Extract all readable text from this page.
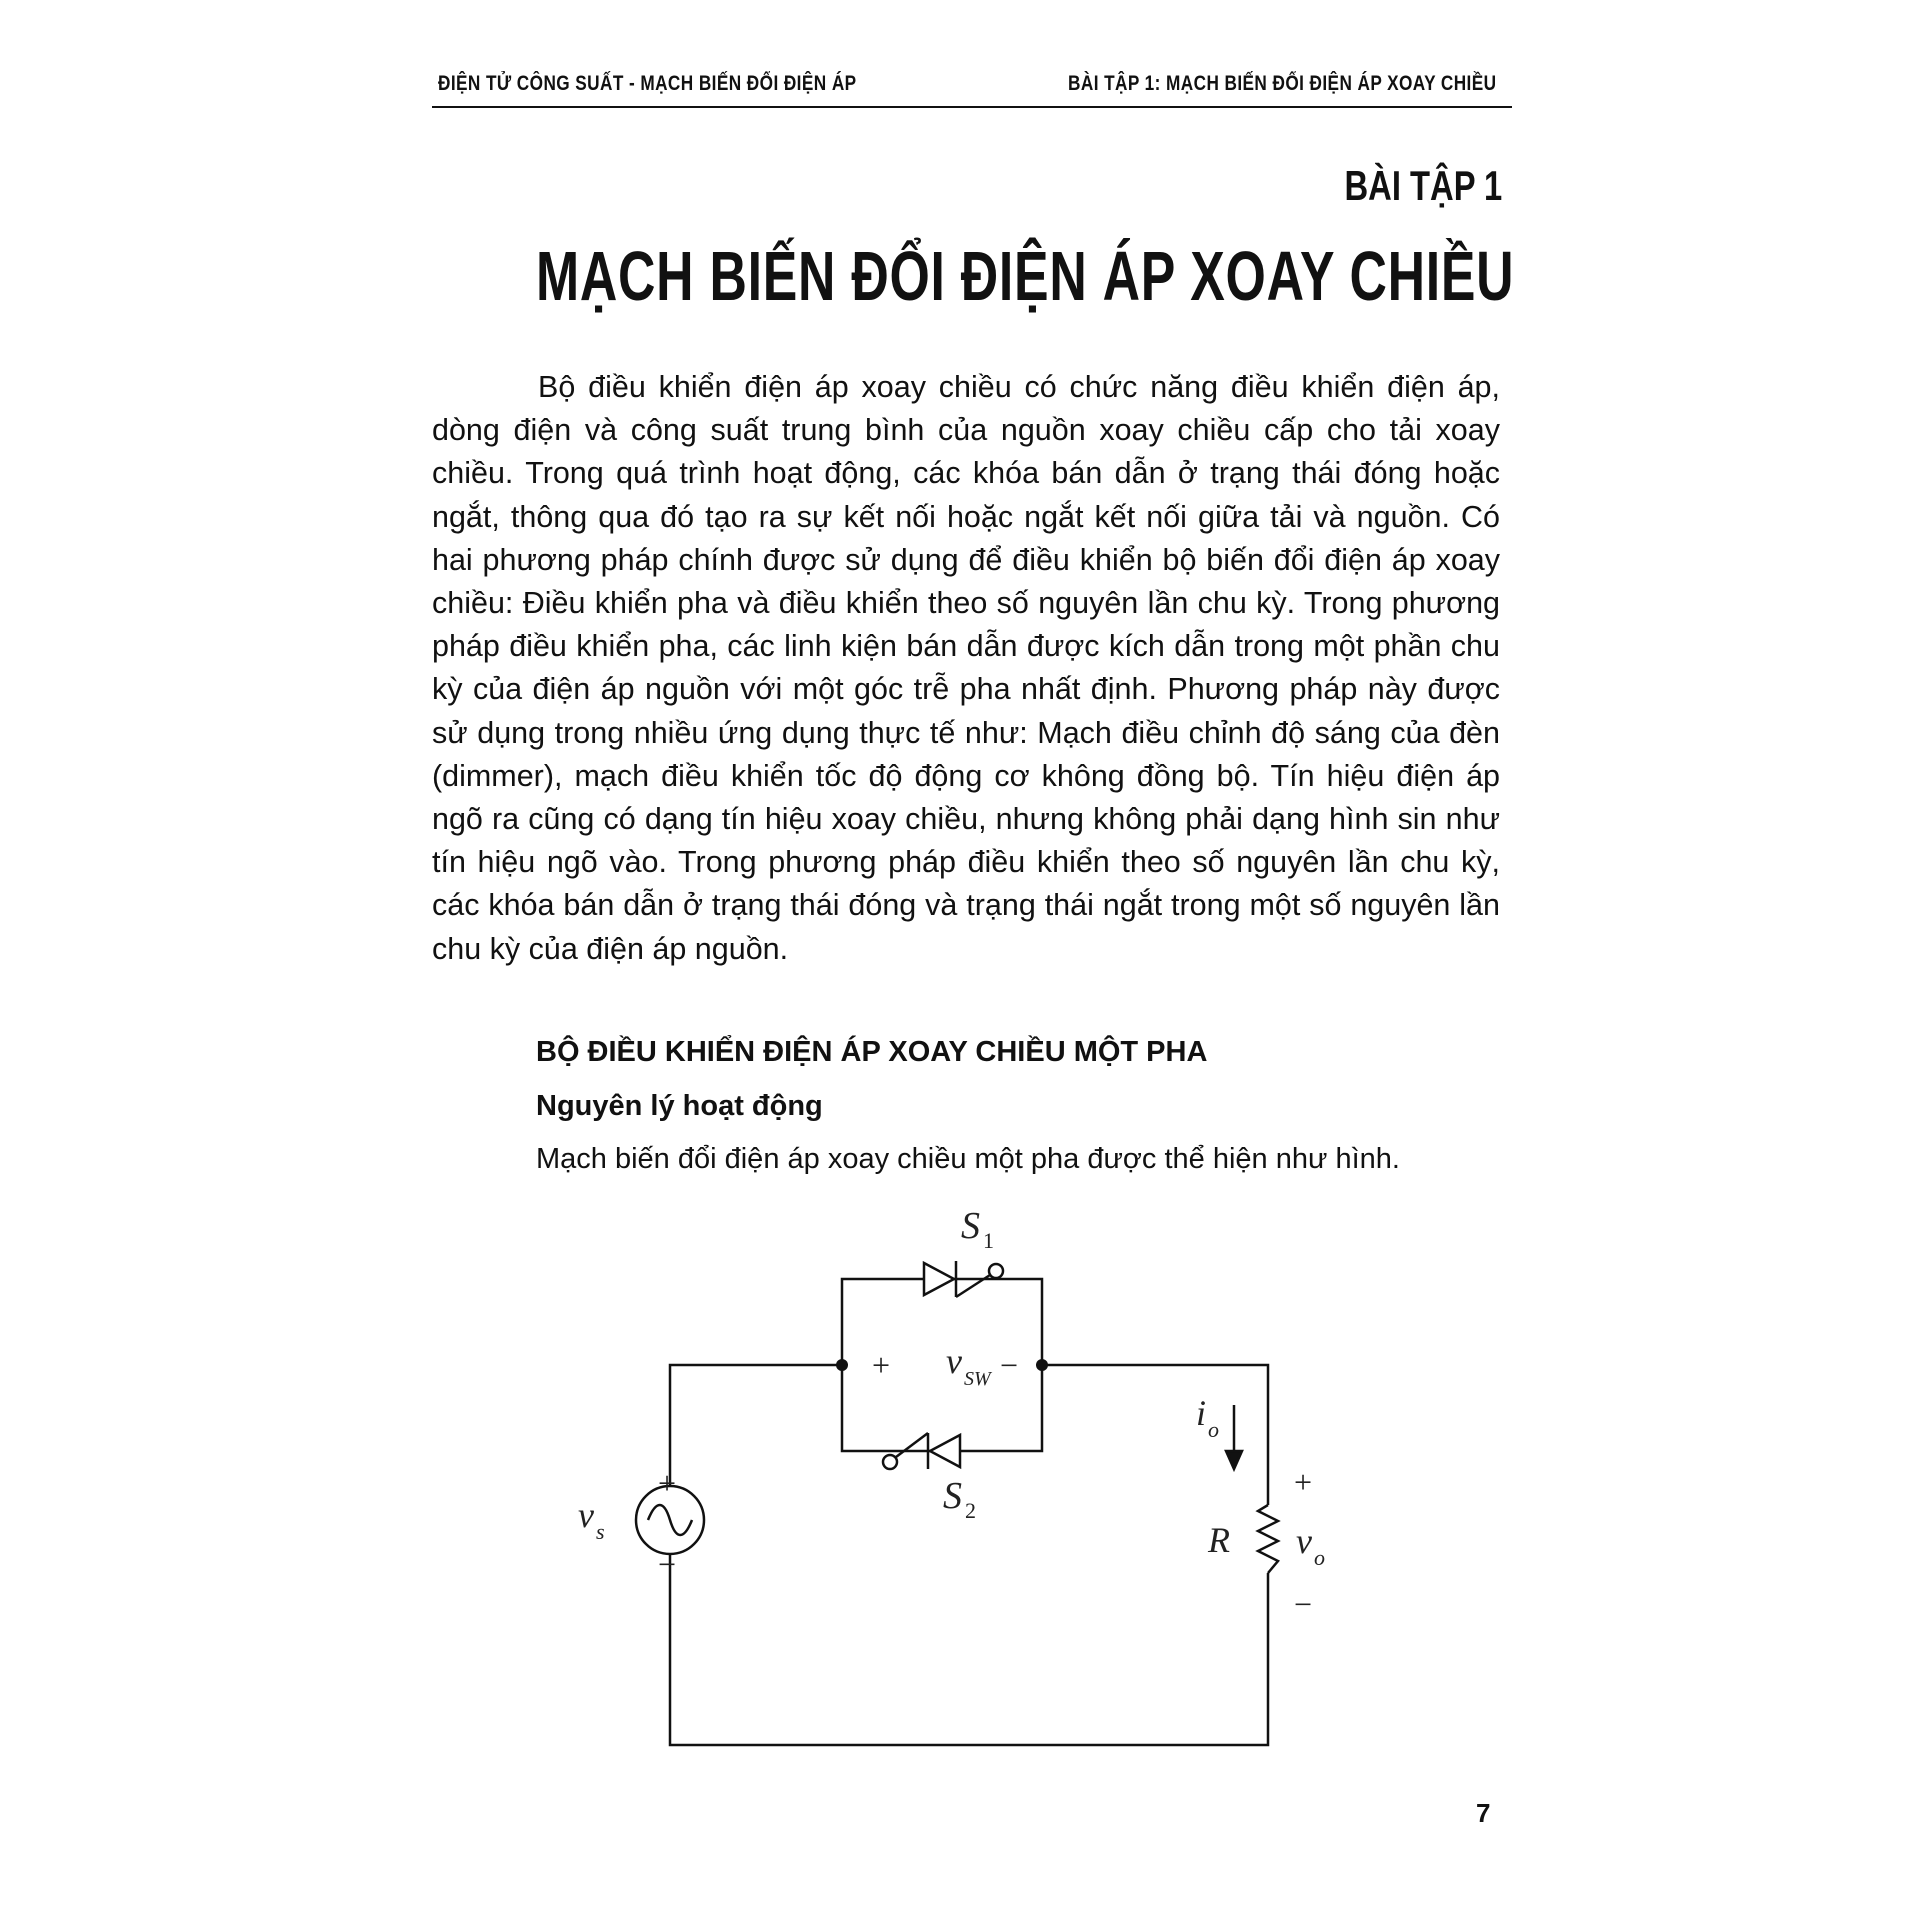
ĐIỆN TỬ CÔNG SUẤT - MẠCH BIẾN ĐỔI ĐIỆN ÁP	BÀI TẬP 1: MẠCH BIẾN ĐỔI ĐIỆN ÁP XOAY CHIỀU
BÀI TẬP 1
MẠCH BIẾN ĐỔI ĐIỆN ÁP XOAY CHIỀU

Bộ điều khiển điện áp xoay chiều có chức năng điều khiển điện áp, dòng điện và công suất trung bình của nguồn xoay chiều cấp cho tải xoay chiều. Trong quá trình hoạt động, các khóa bán dẫn ở trạng thái đóng hoặc ngắt, thông qua đó tạo ra sự kết nối hoặc ngắt kết nối giữa tải và nguồn. Có hai phương pháp chính được sử dụng để điều khiển bộ biến đổi điện áp xoay chiều: Điều khiển pha và điều khiển theo số nguyên lần chu kỳ. Trong phương pháp điều khiển pha, các linh kiện bán dẫn được kích dẫn trong một phần chu kỳ của điện áp nguồn với một góc trễ pha nhất định. Phương pháp này được sử dụng trong nhiều ứng dụng thực tế như: Mạch điều chỉnh độ sáng của đèn (dimmer), mạch điều khiển tốc độ động cơ không đồng bộ. Tín hiệu điện áp ngõ ra cũng có dạng tín hiệu xoay chiều, nhưng không phải dạng hình sin như tín hiệu ngõ vào. Trong phương pháp điều khiển theo số nguyên lần chu kỳ, các khóa bán dẫn ở trạng thái đóng và trạng thái ngắt trong một số nguyên lần chu kỳ của điện áp nguồn.

BỘ ĐIỀU KHIỂN ĐIỆN ÁP XOAY CHIỀU MỘT PHA
Nguyên lý hoạt động
Mạch biến đổi điện áp xoay chiều một pha được thể hiện như hình.
S 1
S 2
+ v SW −
+
v s
−
i o
R
+
v o
−
7
